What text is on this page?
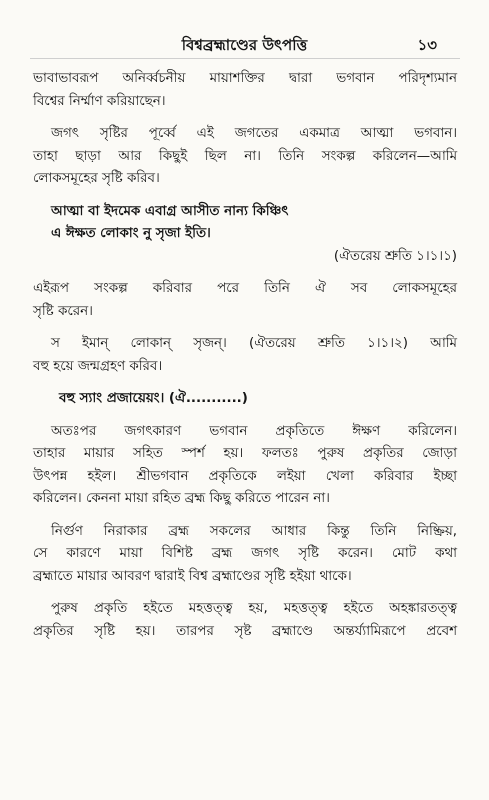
বিশ্বব্রহ্মাণ্ডের উৎপত্তি	১৩
ভাবাভাবরূপ অনির্ব্বচনীয় মায়াশক্তির দ্বারা ভগবান পরিদৃশ্যমান
বিশ্বের নির্ম্মাণ করিয়াছেন।
জগৎ সৃষ্টির পূর্ব্বে এই জগতের একমাত্র আত্মা ভগবান।
তাহা ছাড়া আর কিছুই ছিল না। তিনি সংকল্প করিলেন—আমি
লোকসমূহের সৃষ্টি করিব।
আত্মা বা ইদমেক এবাগ্র আসীত নান্য কিঞ্চিৎ
এ ঈক্ষত লোকাং নু সৃজা ইতি।
(ঐতরেয় শ্রুতি ১।১।১)
এইরূপ সংকল্প করিবার পরে তিনি ঐ সব লোকসমূহের
সৃষ্টি করেন।
স ইমান্ লোকান্ সৃজন্। (ঐতরেয় শ্রুতি ১।১।২) আমি
বহু হয়ে জন্মগ্রহণ করিব।
বহু স্যাং প্রজায়েয়ং। (ঐ...........)
অতঃপর জগৎকারণ ভগবান প্রকৃতিতে ঈক্ষণ করিলেন।
তাহার মায়ার সহিত স্পর্শ হয়। ফলতঃ পুরুষ প্রকৃতির জোড়া
উৎপন্ন হইল। শ্রীভগবান প্রকৃতিকে লইয়া খেলা করিবার ইচ্ছা
করিলেন। কেননা মায়া রহিত ব্রহ্ম কিছু করিতে পারেন না।
নির্গুণ নিরাকার ব্রহ্ম সকলের আধার কিন্তু তিনি নিষ্ক্রিয়,
সে কারণে মায়া বিশিষ্ট ব্রহ্ম জগৎ সৃষ্টি করেন। মোট কথা
ব্রহ্মাতে মায়ার আবরণ দ্বারাই বিশ্ব ব্রহ্মাণ্ডের সৃষ্টি হইয়া থাকে।
পুরুষ প্রকৃতি হইতে মহত্তত্ত্ব হয়, মহত্তত্ত্ব হইতে অহঙ্কারতত্ত্ব
প্রকৃতির সৃষ্টি হয়। তারপর সৃষ্ট ব্রহ্মাণ্ডে অন্তর্য্যামিরূপে প্রবেশ
